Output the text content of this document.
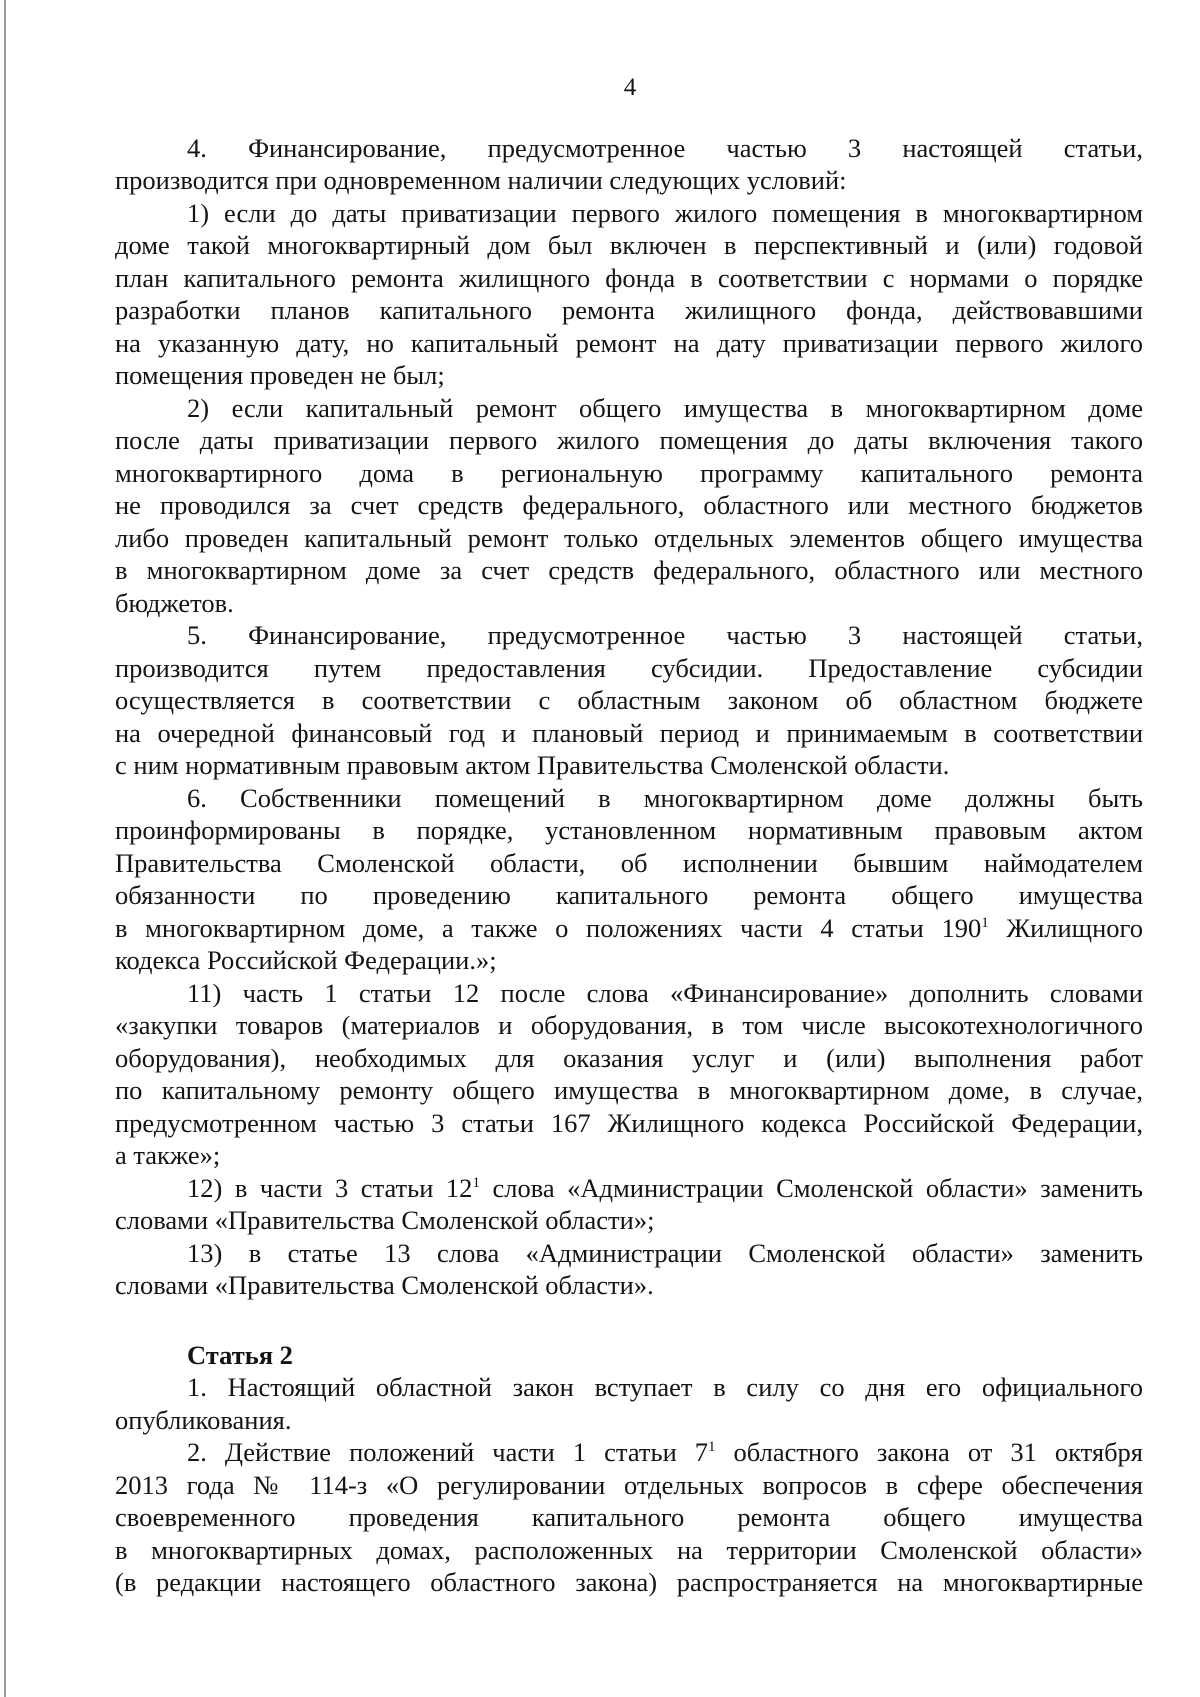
4
4. Финансирование, предусмотренное частью 3 настоящей статьи,
производится при одновременном наличии следующих условий:
1) если до даты приватизации первого жилого помещения в многоквартирном
доме такой многоквартирный дом был включен в перспективный и (или) годовой
план капитального ремонта жилищного фонда в соответствии с нормами о порядке
разработки планов капитального ремонта жилищного фонда, действовавшими
на указанную дату, но капитальный ремонт на дату приватизации первого жилого
помещения проведен не был;
2) если капитальный ремонт общего имущества в многоквартирном доме
после даты приватизации первого жилого помещения до даты включения такого
многоквартирного дома в региональную программу капитального ремонта
не проводился за счет средств федерального, областного или местного бюджетов
либо проведен капитальный ремонт только отдельных элементов общего имущества
в многоквартирном доме за счет средств федерального, областного или местного
бюджетов.
5. Финансирование, предусмотренное частью 3 настоящей статьи,
производится путем предоставления субсидии. Предоставление субсидии
осуществляется в соответствии с областным законом об областном бюджете
на очередной финансовый год и плановый период и принимаемым в соответствии
с ним нормативным правовым актом Правительства Смоленской области.
6. Собственники помещений в многоквартирном доме должны быть
проинформированы в порядке, установленном нормативным правовым актом
Правительства Смоленской области, об исполнении бывшим наймодателем
обязанности по проведению капитального ремонта общего имущества
в многоквартирном доме, а также о положениях части 4 статьи $190^1$ Жилищного
кодекса Российской Федерации.»;
11) часть 1 статьи 12 после слова «Финансирование» дополнить словами
«закупки товаров (материалов и оборудования, в том числе высокотехнологичного
оборудования), необходимых для оказания услуг и (или) выполнения работ
по капитальному ремонту общего имущества в многоквартирном доме, в случае,
предусмотренном частью 3 статьи 167 Жилищного кодекса Российской Федерации,
а также»;
12) в части 3 статьи $12^1$ слова «Администрации Смоленской области» заменить
словами «Правительства Смоленской области»;
13) в статье 13 слова «Администрации Смоленской области» заменить
словами «Правительства Смоленской области».
Статья 2
1. Настоящий областной закон вступает в силу со дня его официального
опубликования.
2. Действие положений части 1 статьи $7^1$ областного закона от 31 октября
2013 года № 114-з «О регулировании отдельных вопросов в сфере обеспечения
своевременного проведения капитального ремонта общего имущества
в многоквартирных домах, расположенных на территории Смоленской области»
(в редакции настоящего областного закона) распространяется на многоквартирные
